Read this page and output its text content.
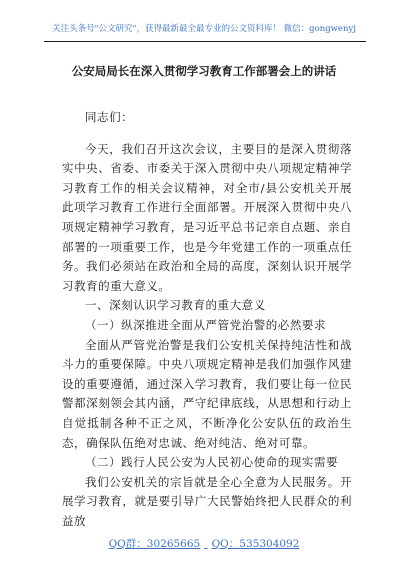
关注头条号"公文研究"，获得最新最全最专业的公文资料库！ 微信：gongwenyj
公安局局长在深入贯彻学习教育工作部署会上的讲话

同志们：

今天，我们召开这次会议，主要目的是深入贯彻落实中央、省委、市委关于深入贯彻中央八项规定精神学习教育工作的相关会议精神，对全市/县公安机关开展此项学习教育工作进行全面部署。开展深入贯彻中央八项规定精神学习教育，是习近平总书记亲自点题、亲自部署的一项重要工作，也是今年党建工作的一项重点任务。我们必须站在政治和全局的高度，深刻认识开展学习教育的重大意义。

一、深刻认识学习教育的重大意义

（一）纵深推进全面从严管党治警的必然要求

全面从严管党治警是我们公安机关保持纯洁性和战斗力的重要保障。中央八项规定精神是我们加强作风建设的重要遵循，通过深入学习教育，我们要让每一位民警都深刻领会其内涵，严守纪律底线，从思想和行动上自觉抵制各种不正之风，不断净化公安队伍的政治生态，确保队伍绝对忠诚、绝对纯洁、绝对可靠。

（二）践行人民公安为人民初心使命的现实需要

我们公安机关的宗旨就是全心全意为人民服务。开展学习教育，就是要引导广大民警始终把人民群众的利益放

QQ群：30265665 QQ：535304092
